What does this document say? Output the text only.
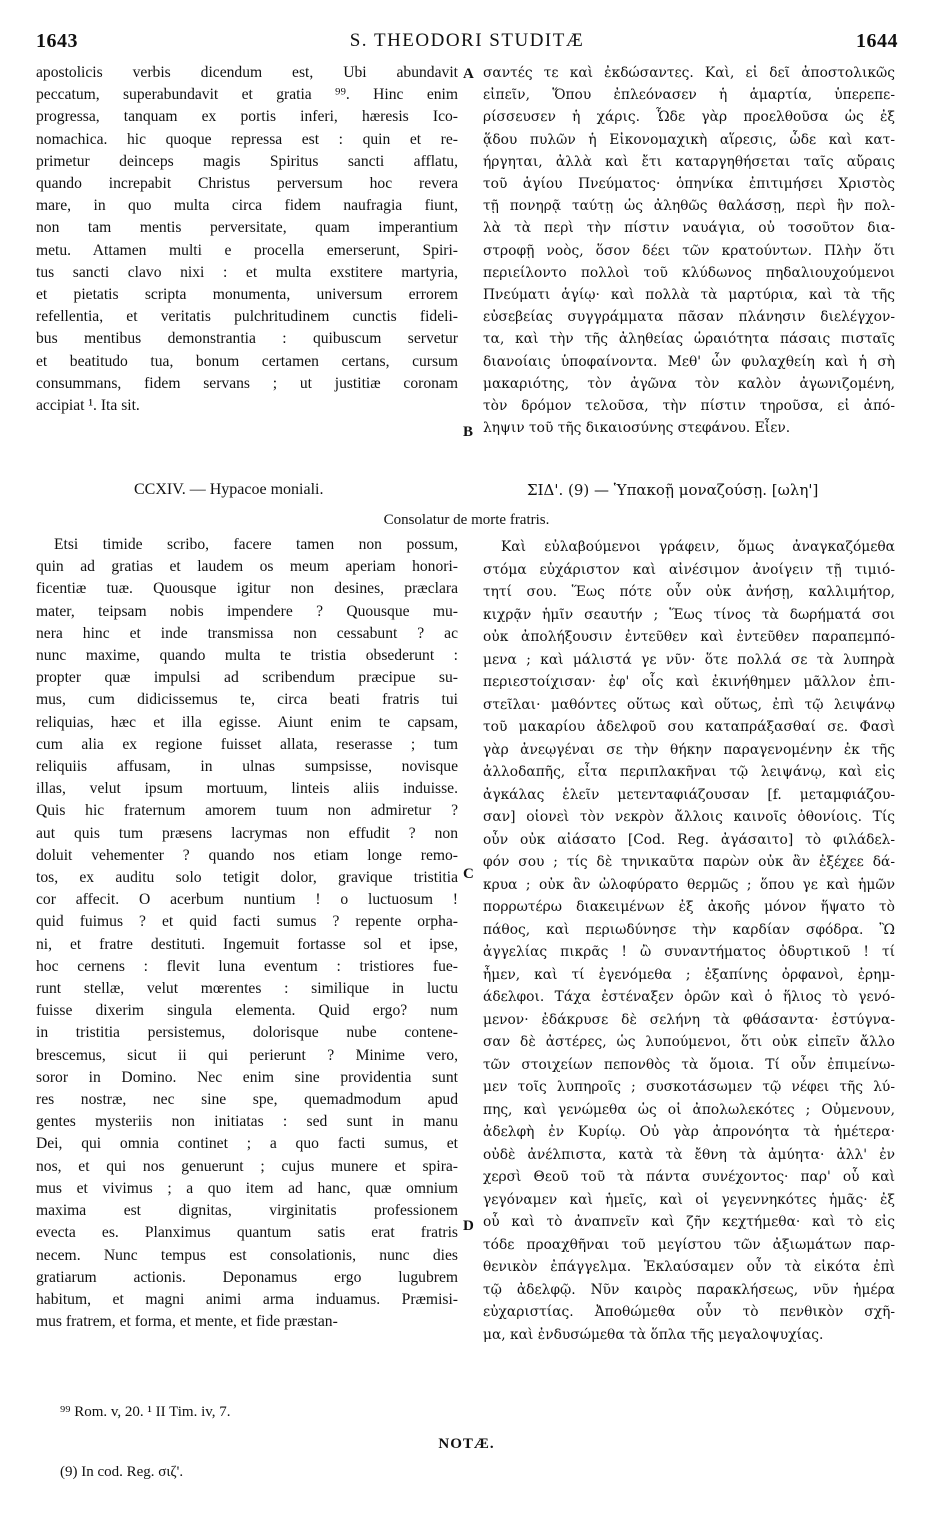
1643	S. THEODORI STUDITÆ	1644
apostolicis verbis dicendum est, Ubi abundavit
peccatum, superabundavit et gratia ⁹⁹. Hinc enim
progressa, tanquam ex portis inferi, hæresis Ico-
nomachica. hic quoque repressa est : quin et re-
primetur deinceps magis Spiritus sancti afflatu,
quando increpabit Christus perversum hoc revera
mare, in quo multa circa fidem naufragia fiunt,
non tam mentis perversitate, quam imperantium
metu. Attamen multi e procella emerserunt, Spiri-
tus sancti clavo nixi : et multa exstitere martyria,
et pietatis scripta monumenta, universum errorem
refellentia, et veritatis pulchritudinem cunctis fideli-
bus mentibus demonstrantia : quibuscum servetur
et beatitudo tua, bonum certamen certans, cursum
consummans, fidem servans ; ut justitiæ coronam
accipiat ¹. Ita sit.
σαντές τε καὶ ἐκδώσαντες. Καὶ, εἰ δεῖ ἀποστολικῶς
εἰπεῖν, Ὅπου ἐπλεόνασεν ἡ ἁμαρτία, ὑπερεπε-
ρίσσευσεν ἡ χάρις. Ὧδε γὰρ προελθοῦσα ὡς ἐξ
ᾅδου πυλῶν ἡ Εἰκονομαχικὴ αἵρεσις, ὧδε καὶ κατ-
ήργηται, ἀλλὰ καὶ ἔτι καταργηθήσεται ταῖς αὔραις
τοῦ ἁγίου Πνεύματος· ὁπηνίκα ἐπιτιμήσει Χριστὸς
τῇ πονηρᾷ ταύτῃ ὡς ἀληθῶς θαλάσσῃ, περὶ ἣν πολ-
λὰ τὰ περὶ τὴν πίστιν ναυάγια, οὐ τοσοῦτον δια-
στροφῇ νοὸς, ὅσον δέει τῶν κρατούντων. Πλὴν ὅτι
περιείλοντο πολλοὶ τοῦ κλύδωνος πηδαλιουχούμενοι
Πνεύματι ἁγίῳ· καὶ πολλὰ τὰ μαρτύρια, καὶ τὰ τῆς
εὐσεβείας συγγράμματα πᾶσαν πλάνησιν διελέγχον-
τα, καὶ τὴν τῆς ἀληθείας ὡραιότητα πάσαις πισταῖς
διανοίαις ὑποφαίνοντα. Μεθ' ὧν φυλαχθείη καὶ ἡ σὴ
μακαριότης, τὸν ἀγῶνα τὸν καλὸν ἀγωνιζομένη,
τὸν δρόμον τελοῦσα, τὴν πίστιν τηροῦσα, εἰ ἀπό-
ληψιν τοῦ τῆς δικαιοσύνης στεφάνου. Εἶεν.
A
B
C
D
CCXIV. — Hypacoe moniali.	ΣΙΔ'. (9) — Ὑπακοῇ μοναζούσῃ. [ωλη']
Consolatur de morte fratris.
Etsi timide scribo, facere tamen non possum,
quin ad gratias et laudem os meum aperiam honori-
ficentiæ tuæ. Quousque igitur non desines, præclara
mater, teipsam nobis impendere ? Quousque mu-
nera hinc et inde transmissa non cessabunt ? ac
nunc maxime, quando multa te tristia obsederunt :
propter quæ impulsi ad scribendum præcipue su-
mus, cum didicissemus te, circa beati fratris tui
reliquias, hæc et illa egisse. Aiunt enim te capsam,
cum alia ex regione fuisset allata, reserasse ; tum
reliquiis affusam, in ulnas sumpsisse, novisque
illas, velut ipsum mortuum, linteis aliis induisse.
Quis hic fraternum amorem tuum non admiretur ?
aut quis tum præsens lacrymas non effudit ? non
doluit vehementer ? quando nos etiam longe remo-
tos, ex auditu solo tetigit dolor, gravique tristitia
cor affecit. O acerbum nuntium ! o luctuosum !
quid fuimus ? et quid facti sumus ? repente orpha-
ni, et fratre destituti. Ingemuit fortasse sol et ipse,
hoc cernens : flevit luna eventum : tristiores fue-
runt stellæ, velut mœrentes : similique in luctu
fuisse dixerim singula elementa. Quid ergo? num
in tristitia persistemus, dolorisque nube contene-
brescemus, sicut ii qui perierunt ? Minime vero,
soror in Domino. Nec enim sine providentia sunt
res nostræ, nec sine spe, quemadmodum apud
gentes mysteriis non initiatas : sed sunt in manu
Dei, qui omnia continet ; a quo facti sumus, et
nos, et qui nos genuerunt ; cujus munere et spira-
mus et vivimus ; a quo item ad hanc, quæ omnium
maxima est dignitas, virginitatis professionem
evecta es. Planximus quantum satis erat fratris
necem. Nunc tempus est consolationis, nunc dies
gratiarum actionis. Deponamus ergo lugubrem
habitum, et magni animi arma induamus. Præmisi-
mus fratrem, et forma, et mente, et fide præstan-
Καὶ εὐλαβούμενοι γράφειν, ὅμως ἀναγκαζόμεθα
στόμα εὐχάριστον καὶ αἰνέσιμον ἀνοίγειν τῇ τιμιό-
τητί σου. Ἕως πότε οὖν οὐκ ἀνήσῃ, καλλιμήτορ,
κιχρᾷν ἡμῖν σεαυτήν ; Ἕως τίνος τὰ δωρήματά σοι
οὐκ ἀπολήξουσιν ἐντεῦθεν καὶ ἐντεῦθεν παραπεμπό-
μενα ; καὶ μάλιστά γε νῦν· ὅτε πολλά σε τὰ λυπηρὰ
περιεστοίχισαν· ἐφ' οἷς καὶ ἐκινήθημεν μᾶλλον ἐπι-
στεῖλαι· μαθόντες οὕτως καὶ οὕτως, ἐπὶ τῷ λειψάνῳ
τοῦ μακαρίου ἀδελφοῦ σου καταπράξασθαί σε. Φασὶ
γὰρ ἀνεῳγέναι σε τὴν θήκην παραγενομένην ἐκ τῆς
ἀλλοδαπῆς, εἶτα περιπλακῆναι τῷ λειψάνῳ, καὶ εἰς
ἀγκάλας ἑλεῖν μετενταφιάζουσαν [f. μεταμφιάζου-
σαν] οἱονεὶ τὸν νεκρὸν ἄλλοις καινοῖς ὀθονίοις. Τίς
οὖν οὐκ αἰάσατο [Cod. Reg. ἀγάσαιτο] τὸ φιλάδελ-
φόν σου ; τίς δὲ τηνικαῦτα παρὼν οὐκ ἂν ἐξέχεε δά-
κρυα ; οὐκ ἂν ὠλοφύρατο θερμῶς ; ὅπου γε καὶ ἡμῶν
πορρωτέρω διακειμένων ἐξ ἀκοῆς μόνον ἥψατο τὸ
πάθος, καὶ περιωδύνησε τὴν καρδίαν σφόδρα. Ὢ
ἀγγελίας πικρᾶς ! ὢ συναντήματος ὀδυρτικοῦ ! τί
ἦμεν, καὶ τί ἐγενόμεθα ; ἐξαπίνης ὀρφανοὶ, ἐρημ-
άδελφοι. Τάχα ἐστέναξεν ὁρῶν καὶ ὁ ἥλιος τὸ γενό-
μενον· ἐδάκρυσε δὲ σελήνη τὰ φθάσαντα· ἐστύγνα-
σαν δὲ ἀστέρες, ὡς λυπούμενοι, ὅτι οὐκ εἰπεῖν ἄλλο
τῶν στοιχείων πεπονθὸς τὰ ὅμοια. Τί οὖν ἐπιμείνω-
μεν τοῖς λυπηροῖς ; συσκοτάσωμεν τῷ νέφει τῆς λύ-
πης, καὶ γενώμεθα ὡς οἱ ἀπολωλεκότες ; Οὐμενουν,
ἀδελφὴ ἐν Κυρίῳ. Οὐ γὰρ ἀπρονόητα τὰ ἡμέτερα·
οὐδὲ ἀνέλπιστα, κατὰ τὰ ἔθνη τὰ ἀμύητα· ἀλλ' ἐν
χερσὶ Θεοῦ τοῦ τὰ πάντα συνέχοντος· παρ' οὗ καὶ
γεγόναμεν καὶ ἡμεῖς, καὶ οἱ γεγεννηκότες ἡμᾶς· ἐξ
οὗ καὶ τὸ ἀναπνεῖν καὶ ζῆν κεχτήμεθα· καὶ τὸ εἰς
τόδε προαχθῆναι τοῦ μεγίστου τῶν ἀξιωμάτων παρ-
θενικὸν ἐπάγγελμα. Ἐκλαύσαμεν οὖν τὰ εἰκότα ἐπὶ
τῷ ἀδελφῷ. Νῦν καιρὸς παρακλήσεως, νῦν ἡμέρα
εὐχαριστίας. Ἀποθώμεθα οὖν τὸ πενθικὸν σχῆ-
μα, καὶ ἐνδυσώμεθα τὰ ὅπλα τῆς μεγαλοψυχίας.
⁹⁹ Rom. v, 20. ¹ II Tim. iv, 7.
NOTÆ.
(9) In cod. Reg. σιζ'.
